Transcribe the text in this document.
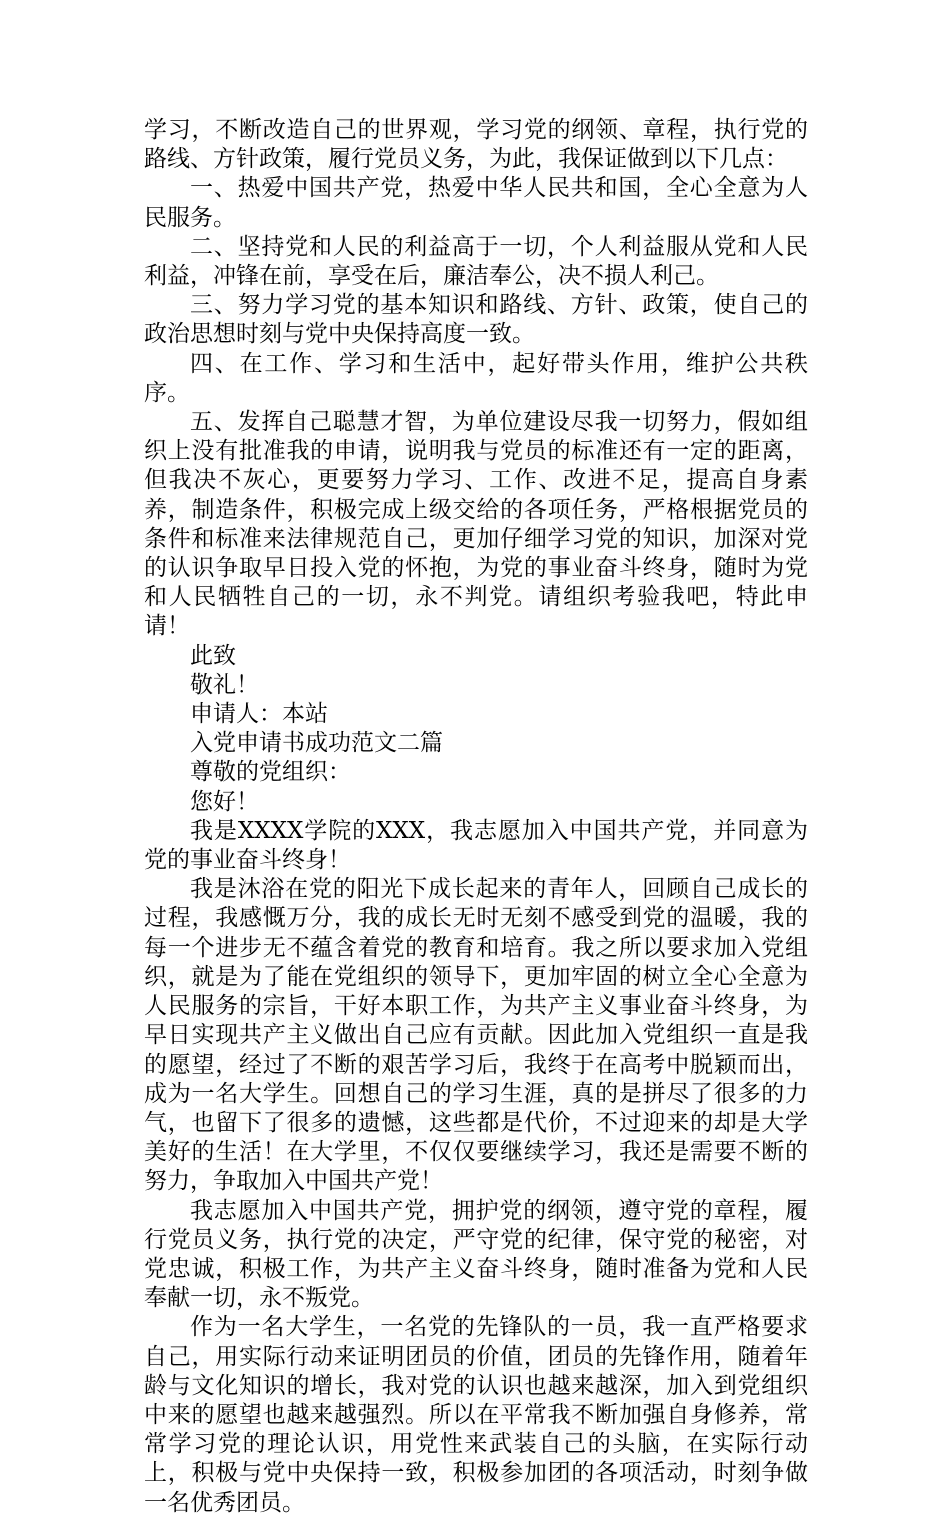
学习，不断改造自己的世界观，学习党的纲领、章程，执行党的路线、方针政策，履行党员义务，为此，我保证做到以下几点：

一、热爱中国共产党，热爱中华人民共和国，全心全意为人民服务。

二、坚持党和人民的利益高于一切，个人利益服从党和人民利益，冲锋在前，享受在后，廉洁奉公，决不损人利己。

三、努力学习党的基本知识和路线、方针、政策，使自己的政治思想时刻与党中央保持高度一致。

四、在工作、学习和生活中，起好带头作用，维护公共秩序。

五、发挥自己聪慧才智，为单位建设尽我一切努力，假如组织上没有批准我的申请，说明我与党员的标准还有一定的距离，但我决不灰心，更要努力学习、工作、改进不足，提高自身素养，制造条件，积极完成上级交给的各项任务，严格根据党员的条件和标准来法律规范自己，更加仔细学习党的知识，加深对党的认识争取早日投入党的怀抱，为党的事业奋斗终身，随时为党和人民牺牲自己的一切，永不判党。请组织考验我吧，特此申请！

此致

敬礼！

申请人：本站

入党申请书成功范文二篇

尊敬的党组织：

您好！

我是XXXX学院的XXX，我志愿加入中国共产党，并同意为党的事业奋斗终身！

我是沐浴在党的阳光下成长起来的青年人，回顾自己成长的过程，我感慨万分，我的成长无时无刻不感受到党的温暖，我的每一个进步无不蕴含着党的教育和培育。我之所以要求加入党组织，就是为了能在党组织的领导下，更加牢固的树立全心全意为人民服务的宗旨，干好本职工作，为共产主义事业奋斗终身，为早日实现共产主义做出自己应有贡献。因此加入党组织一直是我的愿望，经过了不断的艰苦学习后，我终于在高考中脱颖而出，成为一名大学生。回想自己的学习生涯，真的是拼尽了很多的力气，也留下了很多的遗憾，这些都是代价，不过迎来的却是大学美好的生活！在大学里，不仅仅要继续学习，我还是需要不断的努力，争取加入中国共产党！

我志愿加入中国共产党，拥护党的纲领，遵守党的章程，履行党员义务，执行党的决定，严守党的纪律，保守党的秘密，对党忠诚，积极工作，为共产主义奋斗终身，随时准备为党和人民奉献一切，永不叛党。

作为一名大学生，一名党的先锋队的一员，我一直严格要求自己，用实际行动来证明团员的价值，团员的先锋作用，随着年龄与文化知识的增长，我对党的认识也越来越深，加入到党组织中来的愿望也越来越强烈。所以在平常我不断加强自身修养，常常学习党的理论认识，用党性来武装自己的头脑，在实际行动上，积极与党中央保持一致，积极参加团的各项活动，时刻争做一名优秀团员。
